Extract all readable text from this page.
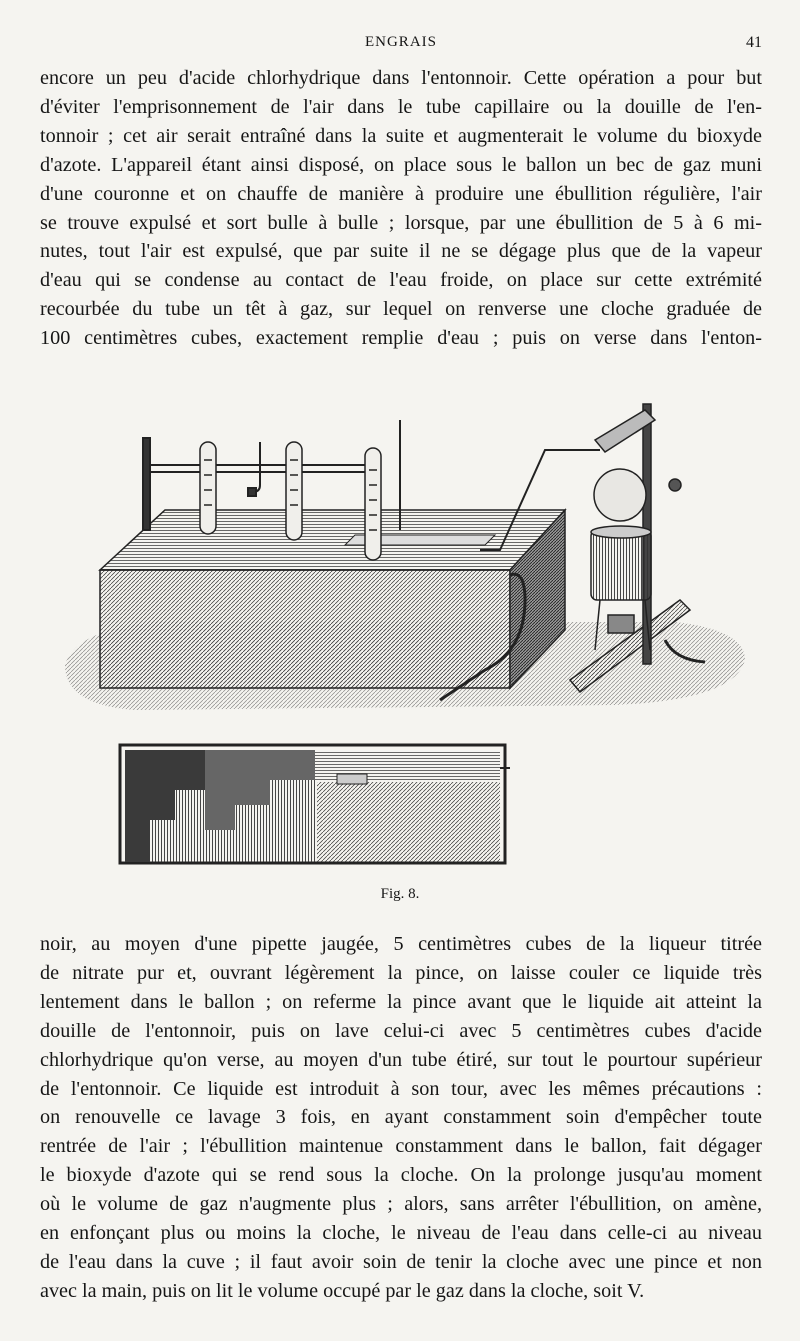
ENGRAIS	41

encore un peu d'acide chlorhydrique dans l'entonnoir. Cette opération a pour but
d'éviter l'emprisonnement de l'air dans le tube capillaire ou la douille de l'en-
tonnoir ; cet air serait entraîné dans la suite et augmenterait le volume du bioxyde
d'azote. L'appareil étant ainsi disposé, on place sous le ballon un bec de gaz muni
d'une couronne et on chauffe de manière à produire une ébullition régulière, l'air
se trouve expulsé et sort bulle à bulle ; lorsque, par une ébullition de 5 à 6 mi-
nutes, tout l'air est expulsé, que par suite il ne se dégage plus que de la vapeur
d'eau qui se condense au contact de l'eau froide, on place sur cette extrémité
recourbée du tube un têt à gaz, sur lequel on renverse une cloche graduée de
100 centimètres cubes, exactement remplie d'eau ; puis on verse dans l'enton-

Fig. 8.

noir, au moyen d'une pipette jaugée, 5 centimètres cubes de la liqueur titrée
de nitrate pur et, ouvrant légèrement la pince, on laisse couler ce liquide très
lentement dans le ballon ; on referme la pince avant que le liquide ait atteint la
douille de l'entonnoir, puis on lave celui-ci avec 5 centimètres cubes d'acide
chlorhydrique qu'on verse, au moyen d'un tube étiré, sur tout le pourtour supérieur
de l'entonnoir. Ce liquide est introduit à son tour, avec les mêmes précautions :
on renouvelle ce lavage 3 fois, en ayant constamment soin d'empêcher toute
rentrée de l'air ; l'ébullition maintenue constamment dans le ballon, fait dégager
le bioxyde d'azote qui se rend sous la cloche. On la prolonge jusqu'au moment
où le volume de gaz n'augmente plus ; alors, sans arrêter l'ébullition, on amène,
en enfonçant plus ou moins la cloche, le niveau de l'eau dans celle-ci au niveau
de l'eau dans la cuve ; il faut avoir soin de tenir la cloche avec une pince et non
avec la main, puis on lit le volume occupé par le gaz dans la cloche, soit V.
